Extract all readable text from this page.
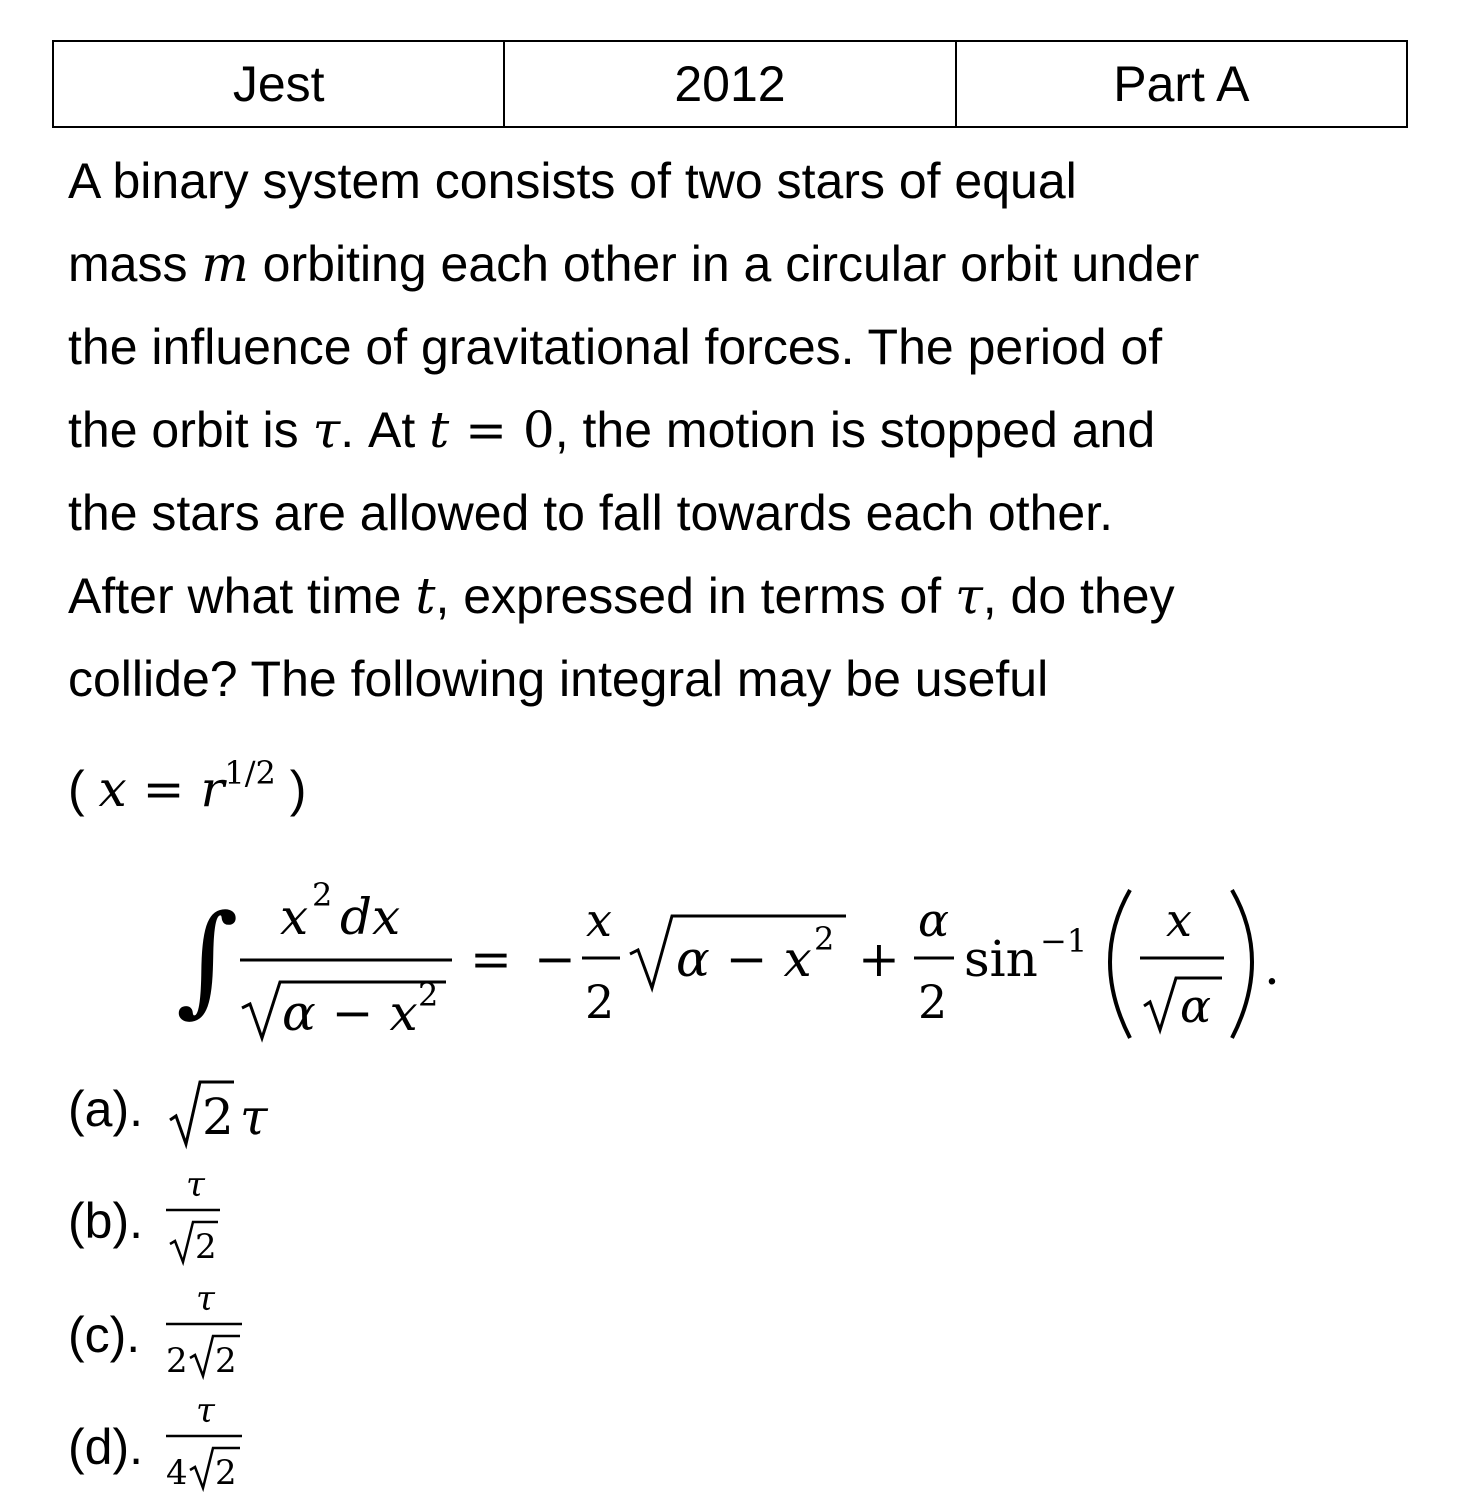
Jest	2012	Part A

A binary system consists of two stars of equal
mass m orbiting each other in a circular orbit under
the influence of gravitational forces. The period of
the orbit is τ. At t = 0, the motion is stopped and
the stars are allowed to fall towards each other.
After what time t, expressed in terms of τ, do they
collide? The following integral may be useful

( $x = r^{1/2}$ )
∫ x 2 dx
α − x 2
= −
x
2
α − x 2 +
α
2
sin −1 x
α
.
(a). 2 τ
(b).
τ
2
(c).
τ
2 2
(d).
τ
4 2
